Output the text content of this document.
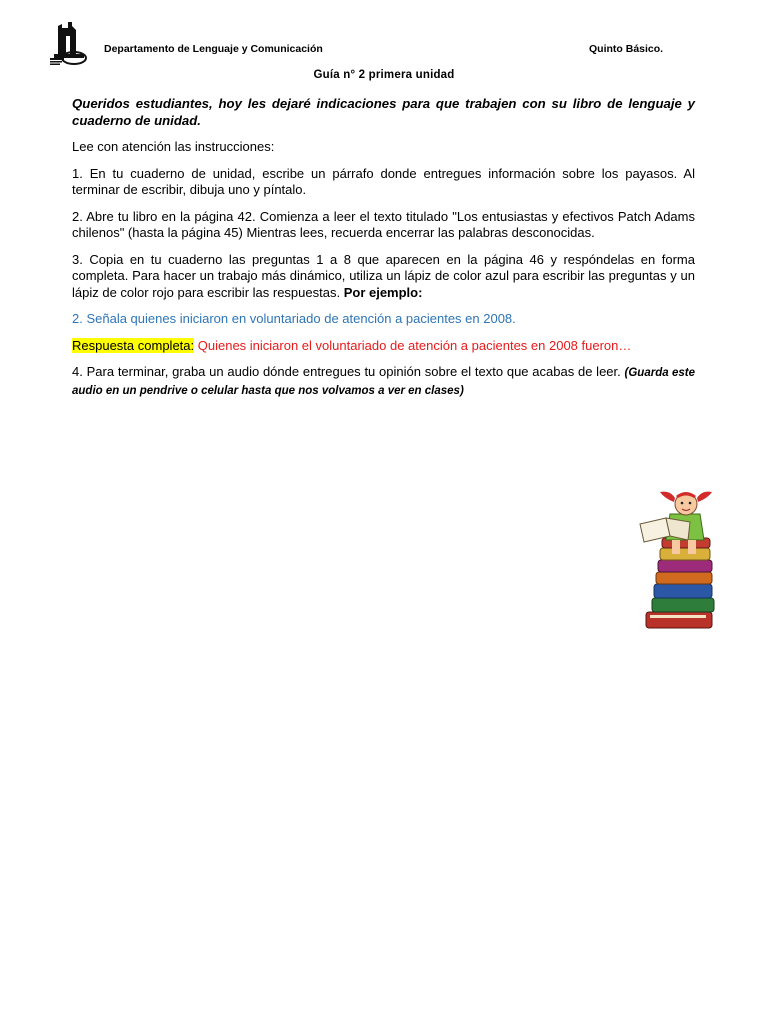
Departamento de Lenguaje y Comunicación	Quinto Básico.
Guía n° 2 primera unidad

Queridos estudiantes, hoy les dejaré indicaciones para que trabajen con su libro de lenguaje y cuaderno de unidad.

Lee con atención las instrucciones:

1. En tu cuaderno de unidad, escribe un párrafo donde entregues información sobre los payasos. Al terminar de escribir, dibuja uno y píntalo.

2. Abre tu libro en la página 42. Comienza a leer el texto titulado "Los entusiastas y efectivos Patch Adams chilenos" (hasta la página 45) Mientras lees, recuerda encerrar las palabras desconocidas.

3. Copia en tu cuaderno las preguntas 1 a 8 que aparecen en la página 46 y respóndelas en forma completa. Para hacer un trabajo más dinámico, utiliza un lápiz de color azul para escribir las preguntas y un lápiz de color rojo para escribir las respuestas. Por ejemplo:

2. Señala quienes iniciaron en voluntariado de atención a pacientes en 2008.

Respuesta completa: Quienes iniciaron el voluntariado de atención a pacientes en 2008 fueron…

4. Para terminar, graba un audio dónde entregues tu opinión sobre el texto que acabas de leer. (Guarda este audio en un pendrive o celular hasta que nos volvamos a ver en clases)
